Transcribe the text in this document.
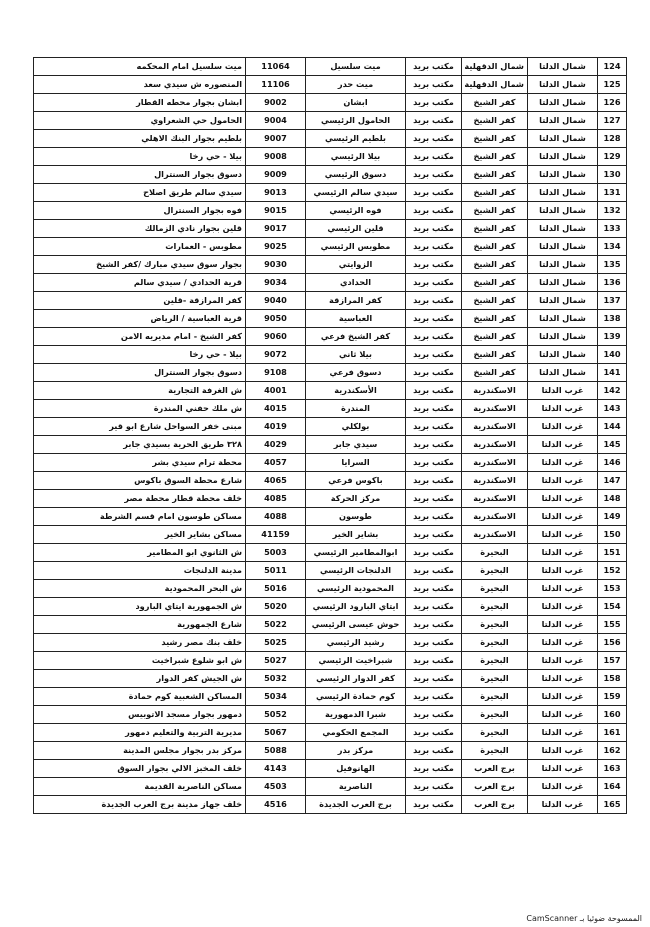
124	شمال الدلتا	شمال الدقهلية	مكتب بريد	ميت سلسيل	11064	ميت سلسيل امام المحكمه
125	شمال الدلتا	شمال الدقهلية	مكتب بريد	ميت حدر	11106	المنصوره ش سيدي سعد
126	شمال الدلتا	كفر الشيخ	مكتب بريد	ابشان	9002	ابشان بجوار محطه القطار
127	شمال الدلتا	كفر الشيخ	مكتب بريد	الحامول الرئيسي	9004	الحامول حي الشعراوي
128	شمال الدلتا	كفر الشيخ	مكتب بريد	بلطيم الرئيسي	9007	بلطيم بجوار البنك الاهلي
129	شمال الدلتا	كفر الشيخ	مكتب بريد	بيلا الرئيسي	9008	بيلا - حي رخا
130	شمال الدلتا	كفر الشيخ	مكتب بريد	دسوق الرئيسي	9009	دسوق بجوار السنترال
131	شمال الدلتا	كفر الشيخ	مكتب بريد	سيدي سالم الرئيسي	9013	سيدي سالم طريق اصلاح
132	شمال الدلتا	كفر الشيخ	مكتب بريد	فوه الرئيسي	9015	فوه بجوار السنترال
133	شمال الدلتا	كفر الشيخ	مكتب بريد	قلين الرئيسي	9017	قلين بجوار نادي الزمالك
134	شمال الدلتا	كفر الشيخ	مكتب بريد	مطوبس الرئيسي	9025	مطوبس - العمارات
135	شمال الدلتا	كفر الشيخ	مكتب بريد	الزوايتي	9030	بجوار سوق سيدي مبارك /كفر الشيخ
136	شمال الدلتا	كفر الشيخ	مكتب بريد	الحدادي	9034	قرية الحدادي / سيدي سالم
137	شمال الدلتا	كفر الشيخ	مكتب بريد	كفر المرازقة	9040	كفر المرازقة -قلين
138	شمال الدلتا	كفر الشيخ	مكتب بريد	العباسية	9050	قرية العباسية / الرياض
139	شمال الدلتا	كفر الشيخ	مكتب بريد	كفر الشيخ فرعي	9060	كفر الشيخ - امام مديريه الامن
140	شمال الدلتا	كفر الشيخ	مكتب بريد	بيلا ثاني	9072	بيلا - حي رخا
141	شمال الدلتا	كفر الشيخ	مكتب بريد	دسوق فرعي	9108	دسوق بجوار السنترال
142	غرب الدلتا	الاسكندرية	مكتب بريد	الأسكندرية	4001	ش الغرفة التجارية
143	غرب الدلتا	الاسكندرية	مكتب بريد	المندرة	4015	ش ملك حفني المندرة
144	غرب الدلتا	الاسكندرية	مكتب بريد	بولكلي	4019	مبنى خفر السواحل شارع ابو قير
145	غرب الدلتا	الاسكندرية	مكتب بريد	سيدي جابر	4029	٣٢٨ طريق الحرية بسيدي جابر
146	غرب الدلتا	الاسكندرية	مكتب بريد	السرايا	4057	محطة ترام سيدي بشر
147	غرب الدلتا	الاسكندرية	مكتب بريد	باكوس فرعي	4065	شارع محطة السوق باكوس
148	غرب الدلتا	الاسكندرية	مكتب بريد	مركز الحركة	4085	خلف محطة قطار محطة مصر
149	غرب الدلتا	الاسكندرية	مكتب بريد	طوسون	4088	مساكن طوسون امام قسم الشرطة
150	غرب الدلتا	الاسكندرية	مكتب بريد	بشاير الخير	41159	مساكن بشاير الخير
151	غرب الدلتا	البحيرة	مكتب بريد	ابوالمطامير الرئيسي	5003	ش الثانوي ابو المطامير
152	غرب الدلتا	البحيرة	مكتب بريد	الدلنجات الرئيسي	5011	مدينة الدلنجات
153	غرب الدلتا	البحيرة	مكتب بريد	المحمودية الرئيسي	5016	ش البحر المحمودية
154	غرب الدلتا	البحيرة	مكتب بريد	ايتاي البارود الرئيسي	5020	ش الجمهورية ايتاي البارود
155	غرب الدلتا	البحيرة	مكتب بريد	حوش عيسى الرئيسي	5022	شارع الجمهورية
156	غرب الدلتا	البحيرة	مكتب بريد	رشيد الرئيسي	5025	خلف بنك مصر رشيد
157	غرب الدلتا	البحيرة	مكتب بريد	شبراخيت الرئيسي	5027	ش ابو شلوع شبراخيت
158	غرب الدلتا	البحيرة	مكتب بريد	كفر الدوار الرئيسي	5032	ش الجيش كفر الدوار
159	غرب الدلتا	البحيرة	مكتب بريد	كوم حمادة الرئيسي	5034	المساكن الشعبية كوم حمادة
160	غرب الدلتا	البحيرة	مكتب بريد	شبرا الدمهورية	5052	دمهور بجوار مسجد الاتوبيس
161	غرب الدلتا	البحيرة	مكتب بريد	المجمع الحكومي	5067	مديرية التربية والتعليم دمهور
162	غرب الدلتا	البحيرة	مكتب بريد	مركز بدر	5088	مركز بدر بجوار مجلس المدينة
163	غرب الدلتا	برج العرب	مكتب بريد	الهانوفيل	4143	خلف المخبز الالي بجوار السوق
164	غرب الدلتا	برج العرب	مكتب بريد	الناصرية	4503	مساكن الناصرية القديمة
165	غرب الدلتا	برج العرب	مكتب بريد	برج العرب الجديدة	4516	خلف جهاز مدينة برج العرب الجديدة
الممسوحة ضوئيا بـ CamScanner
